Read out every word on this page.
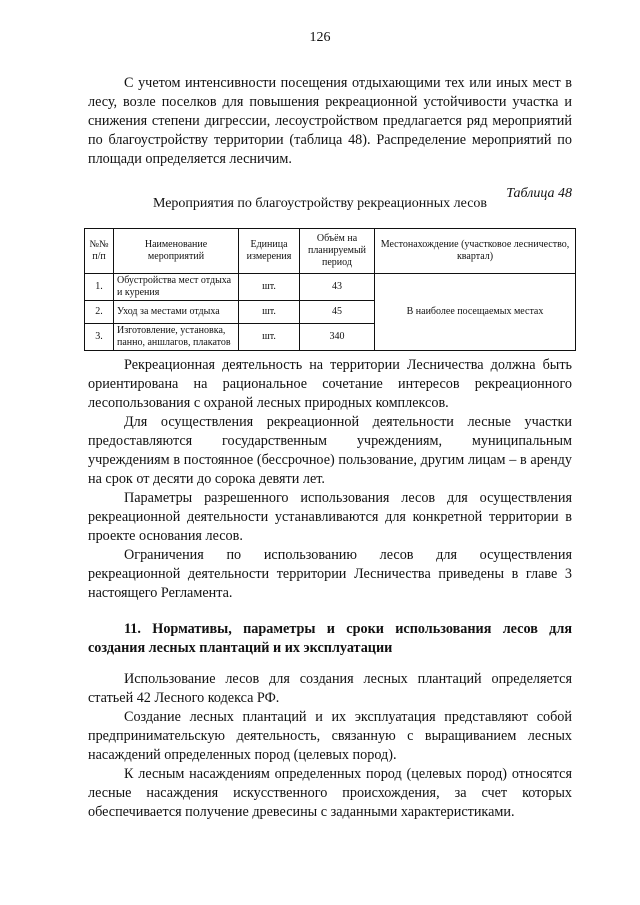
126

С учетом интенсивности посещения отдыхающими тех или иных мест в лесу, возле поселков для повышения рекреационной устойчивости участка и снижения степени дигрессии, лесоустройством предлагается ряд мероприятий по благоустройству территории (таблица 48). Распределение мероприятий по площади определяется лесничим.

Таблица 48
Мероприятия по благоустройству рекреационных лесов
№№ п/п	Наименование мероприятий	Единица измерения	Объём на планируемый период	Местонахождение (участковое лесничество, квартал)
1.	Обустройства мест отдыха и курения	шт.	43	В наиболее посещаемых местах
2.	Уход за местами отдыха	шт.	45	
3.	Изготовление, установка, панно, аншлагов, плакатов	шт.	340	

Рекреационная деятельность на территории Лесничества должна быть ориентирована на рациональное сочетание интересов рекреационного лесопользования с охраной лесных природных комплексов.

Для осуществления рекреационной деятельности лесные участки предоставляются государственным учреждениям, муниципальным учреждениям в постоянное (бессрочное) пользование, другим лицам – в аренду на срок от десяти до сорока девяти лет.

Параметры разрешенного использования лесов для осуществления рекреационной деятельности устанавливаются для конкретной территории в проекте основания лесов.

Ограничения по использованию лесов для осуществления рекреационной деятельности территории Лесничества приведены в главе 3 настоящего Регламента.

11. Нормативы, параметры и сроки использования лесов для создания лесных плантаций и их эксплуатации

Использование лесов для создания лесных плантаций определяется статьей 42 Лесного кодекса РФ.

Создание лесных плантаций и их эксплуатация представляют собой предпринимательскую деятельность, связанную с выращиванием лесных насаждений определенных пород (целевых пород).

К лесным насаждениям определенных пород (целевых пород) относятся лесные насаждения искусственного происхождения, за счет которых обеспечивается получение древесины с заданными характеристиками.
